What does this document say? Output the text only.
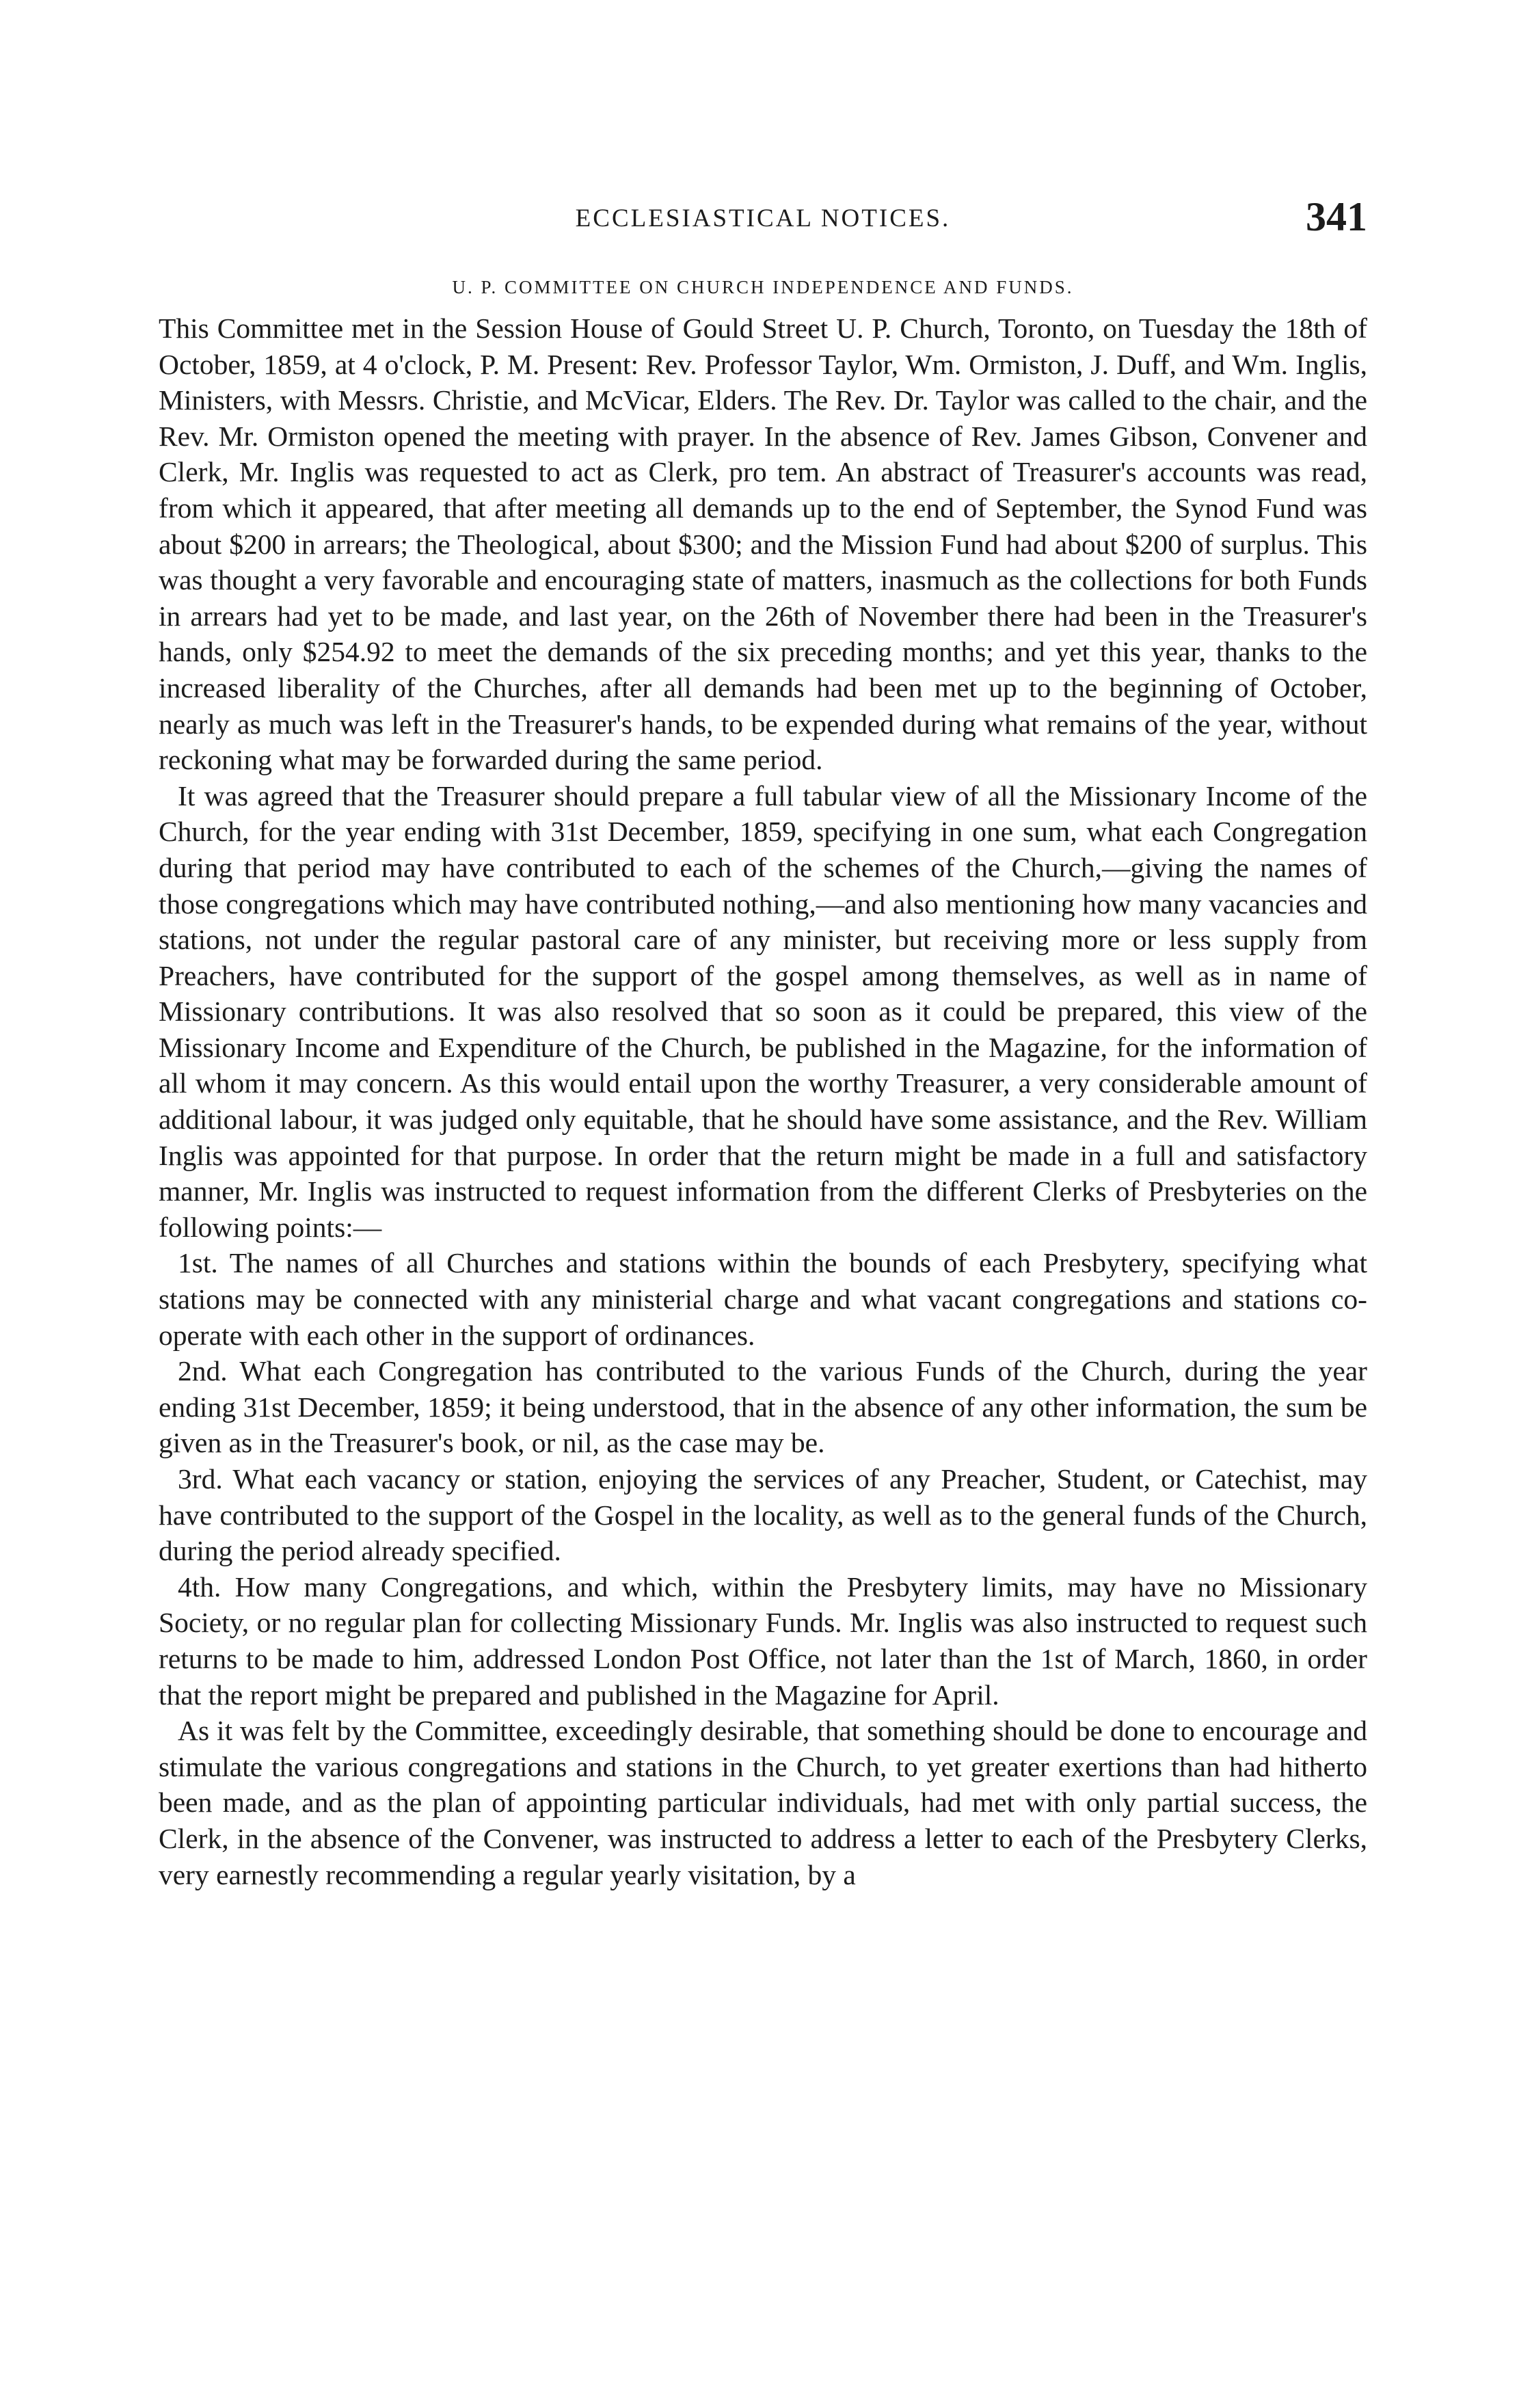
ECCLESIASTICAL NOTICES.	341
U. P. COMMITTEE ON CHURCH INDEPENDENCE AND FUNDS.

This Committee met in the Session House of Gould Street U. P. Church, Toronto, on Tuesday the 18th of October, 1859, at 4 o'clock, P. M. Present: Rev. Professor Taylor, Wm. Ormiston, J. Duff, and Wm. Inglis, Ministers, with Messrs. Christie, and McVicar, Elders. The Rev. Dr. Taylor was called to the chair, and the Rev. Mr. Ormiston opened the meeting with prayer. In the absence of Rev. James Gibson, Convener and Clerk, Mr. Inglis was requested to act as Clerk, pro tem. An abstract of Treasurer's accounts was read, from which it appeared, that after meeting all demands up to the end of September, the Synod Fund was about $200 in arrears; the Theological, about $300; and the Mission Fund had about $200 of surplus. This was thought a very favorable and encouraging state of matters, inasmuch as the collections for both Funds in arrears had yet to be made, and last year, on the 26th of November there had been in the Treasurer's hands, only $254.92 to meet the demands of the six preceding months; and yet this year, thanks to the increased liberality of the Churches, after all demands had been met up to the beginning of October, nearly as much was left in the Treasurer's hands, to be expended during what remains of the year, without reckoning what may be forwarded during the same period.

It was agreed that the Treasurer should prepare a full tabular view of all the Missionary Income of the Church, for the year ending with 31st December, 1859, specifying in one sum, what each Congregation during that period may have contributed to each of the schemes of the Church,—giving the names of those congregations which may have contributed nothing,—and also mentioning how many vacancies and stations, not under the regular pastoral care of any minister, but receiving more or less supply from Preachers, have contributed for the support of the gospel among themselves, as well as in name of Missionary contributions. It was also resolved that so soon as it could be prepared, this view of the Missionary Income and Expenditure of the Church, be published in the Magazine, for the information of all whom it may concern. As this would entail upon the worthy Treasurer, a very considerable amount of additional labour, it was judged only equitable, that he should have some assistance, and the Rev. William Inglis was appointed for that purpose. In order that the return might be made in a full and satisfactory manner, Mr. Inglis was instructed to request information from the different Clerks of Presbyteries on the following points:—

1st. The names of all Churches and stations within the bounds of each Presbytery, specifying what stations may be connected with any ministerial charge and what vacant congregations and stations co-operate with each other in the support of ordinances.

2nd. What each Congregation has contributed to the various Funds of the Church, during the year ending 31st December, 1859; it being understood, that in the absence of any other information, the sum be given as in the Treasurer's book, or nil, as the case may be.

3rd. What each vacancy or station, enjoying the services of any Preacher, Student, or Catechist, may have contributed to the support of the Gospel in the locality, as well as to the general funds of the Church, during the period already specified.

4th. How many Congregations, and which, within the Presbytery limits, may have no Missionary Society, or no regular plan for collecting Missionary Funds. Mr. Inglis was also instructed to request such returns to be made to him, addressed London Post Office, not later than the 1st of March, 1860, in order that the report might be prepared and published in the Magazine for April.

As it was felt by the Committee, exceedingly desirable, that something should be done to encourage and stimulate the various congregations and stations in the Church, to yet greater exertions than had hitherto been made, and as the plan of appointing particular individuals, had met with only partial success, the Clerk, in the absence of the Convener, was instructed to address a letter to each of the Presbytery Clerks, very earnestly recommending a regular yearly visitation, by a
